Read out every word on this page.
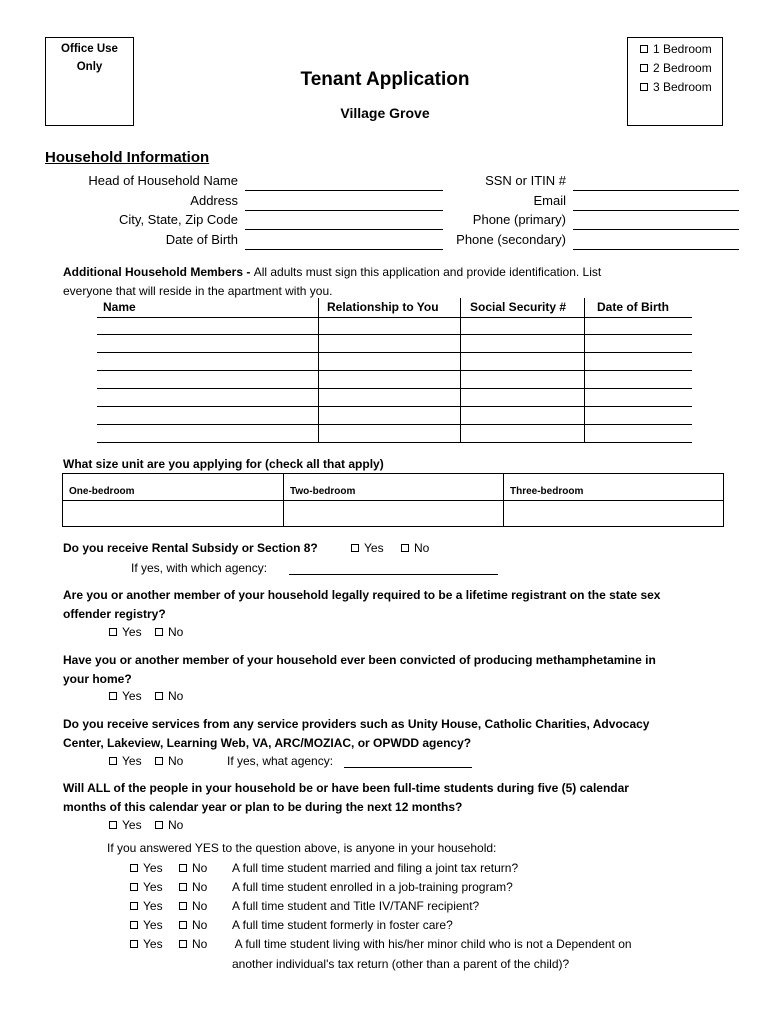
Office Use
Only
1 Bedroom
2 Bedroom
3 Bedroom
Tenant Application
Village Grove
Household Information
Head of Household Name
Address
City, State, Zip Code
Date of Birth
SSN or ITIN #
Email
Phone (primary)
Phone (secondary)
Additional Household Members - All adults must sign this application and provide identification. List
everyone that will reside in the apartment with you.
Name	Relationship to You	Social Security #	Date of Birth
What size unit are you applying for (check all that apply)
One-bedroom	Two-bedroom	Three-bedroom
Do you receive Rental Subsidy or Section 8?	Yes	No
If yes, with which agency:
Are you or another member of your household legally required to be a lifetime registrant on the state sex
offender registry?
Yes	No
Have you or another member of your household ever been convicted of producing methamphetamine in
your home?
Yes	No
Do you receive services from any service providers such as Unity House, Catholic Charities, Advocacy
Center, Lakeview, Learning Web, VA, ARC/MOZIAC, or OPWDD agency?
Yes	No	If yes, what agency:
Will ALL of the people in your household be or have been full-time students during five (5) calendar
months of this calendar year or plan to be during the next 12 months?
Yes	No
If you answered YES to the question above, is anyone in your household:
Yes	No A full time student married and filing a joint tax return?
Yes	No A full time student enrolled in a job-training program?
Yes	No A full time student and Title IV/TANF recipient?
Yes	No A full time student formerly in foster care?
Yes	No A full time student living with his/her minor child who is not a Dependent on
another individual's tax return (other than a parent of the child)?
